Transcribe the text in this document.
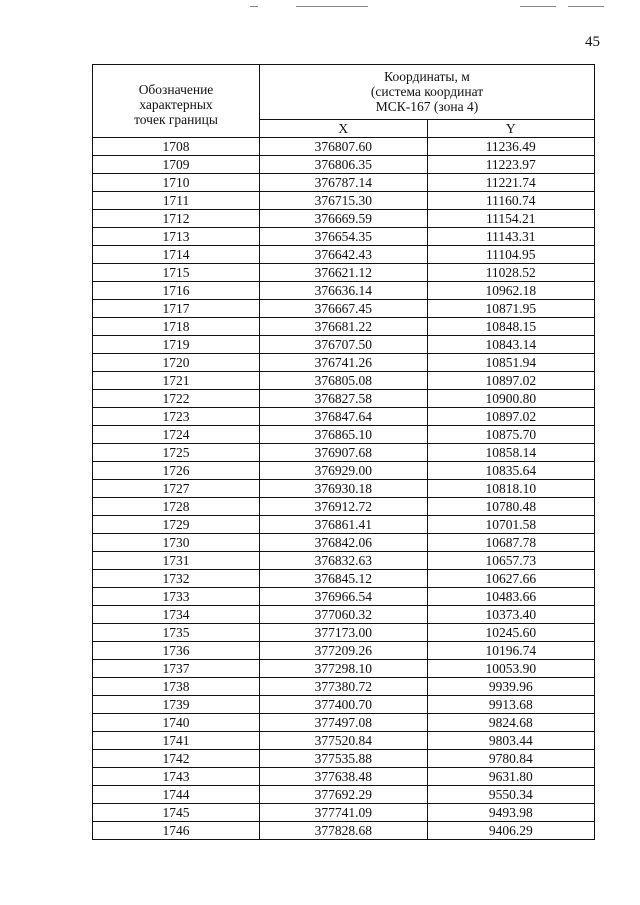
45
Обозначение
характерных
точек границы	Координаты, м
(система координат
МСК-167 (зона 4)	

	X	Y
1708	376807.60	11236.49
1709	376806.35	11223.97
1710	376787.14	11221.74
1711	376715.30	11160.74
1712	376669.59	11154.21
1713	376654.35	11143.31
1714	376642.43	11104.95
1715	376621.12	11028.52
1716	376636.14	10962.18
1717	376667.45	10871.95
1718	376681.22	10848.15
1719	376707.50	10843.14
1720	376741.26	10851.94
1721	376805.08	10897.02
1722	376827.58	10900.80
1723	376847.64	10897.02
1724	376865.10	10875.70
1725	376907.68	10858.14
1726	376929.00	10835.64
1727	376930.18	10818.10
1728	376912.72	10780.48
1729	376861.41	10701.58
1730	376842.06	10687.78
1731	376832.63	10657.73
1732	376845.12	10627.66
1733	376966.54	10483.66
1734	377060.32	10373.40
1735	377173.00	10245.60
1736	377209.26	10196.74
1737	377298.10	10053.90
1738	377380.72	9939.96
1739	377400.70	9913.68
1740	377497.08	9824.68
1741	377520.84	9803.44
1742	377535.88	9780.84
1743	377638.48	9631.80
1744	377692.29	9550.34
1745	377741.09	9493.98
1746	377828.68	9406.29
